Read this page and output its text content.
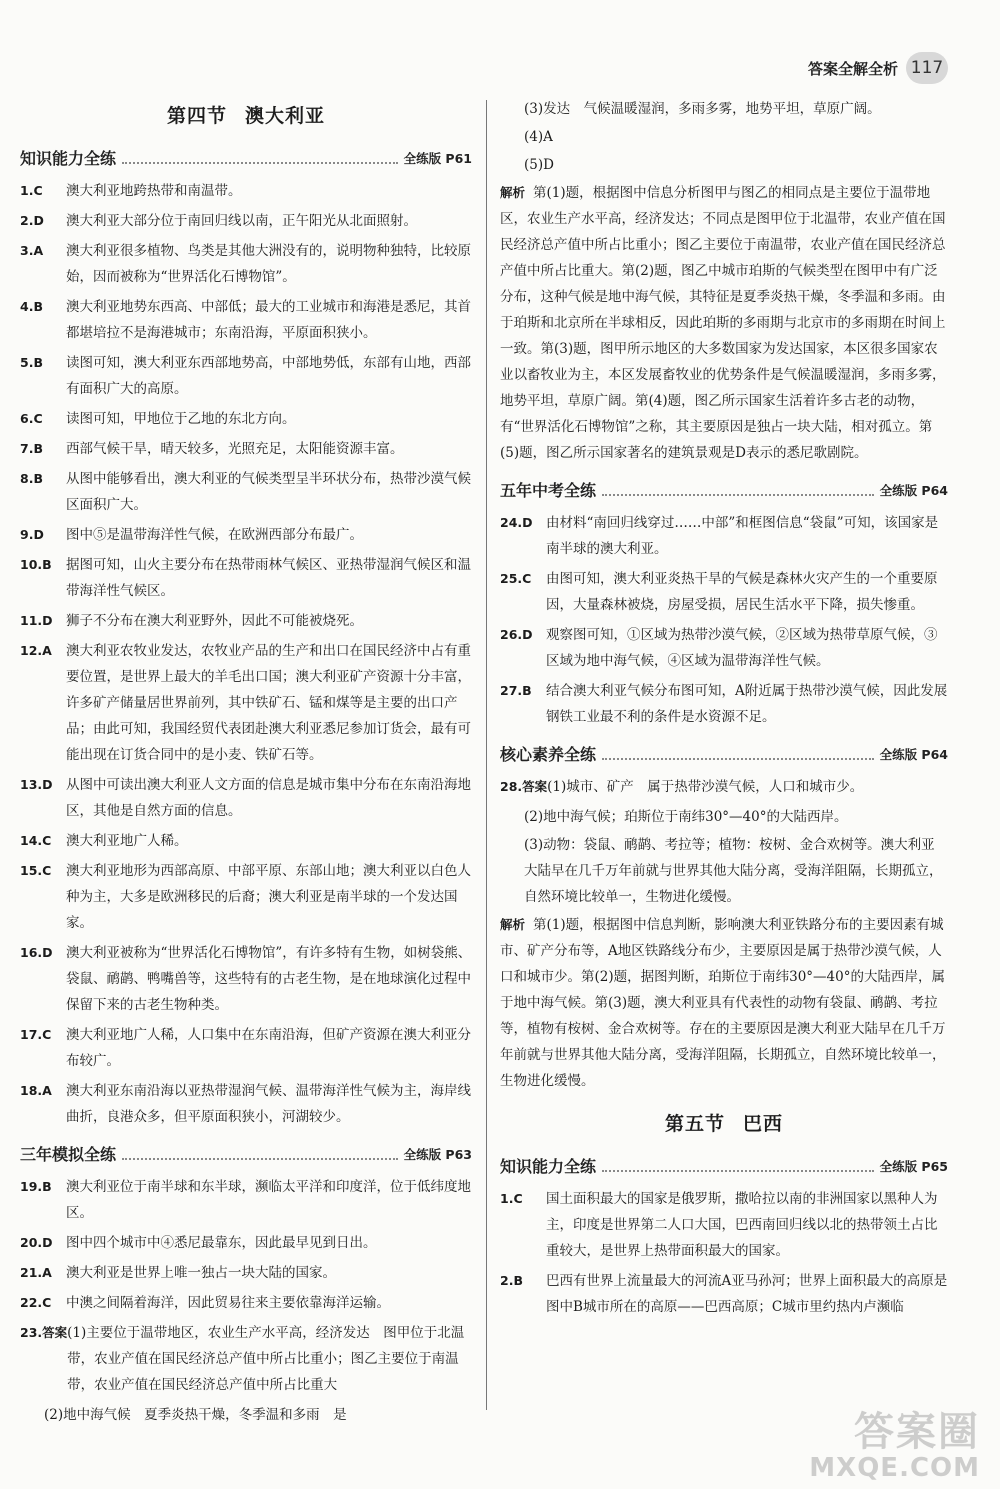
答案全解全析 117
第四节 澳大利亚
知识能力全练	全练版 P61
1.C	澳大利亚地跨热带和南温带。
2.D	澳大利亚大部分位于南回归线以南，正午阳光从北面照射。
3.A	澳大利亚很多植物、鸟类是其他大洲没有的，说明物种独特，比较原始，因而被称为“世界活化石博物馆”。
4.B	澳大利亚地势东西高、中部低；最大的工业城市和海港是悉尼，其首都堪培拉不是海港城市；东南沿海，平原面积狭小。
5.B	读图可知，澳大利亚东西部地势高，中部地势低，东部有山地，西部有面积广大的高原。
6.C	读图可知，甲地位于乙地的东北方向。
7.B	西部气候干旱，晴天较多，光照充足，太阳能资源丰富。
8.B	从图中能够看出，澳大利亚的气候类型呈半环状分布，热带沙漠气候区面积广大。
9.D	图中⑤是温带海洋性气候，在欧洲西部分布最广。
10.B	据图可知，山火主要分布在热带雨林气候区、亚热带湿润气候区和温带海洋性气候区。
11.D 狮子不分布在澳大利亚野外，因此不可能被烧死。
12.A	澳大利亚农牧业发达，农牧业产品的生产和出口在国民经济中占有重要位置，是世界上最大的羊毛出口国；澳大利亚矿产资源十分丰富，许多矿产储量居世界前列，其中铁矿石、锰和煤等是主要的出口产品；由此可知，我国经贸代表团赴澳大利亚悉尼参加订货会，最有可能出现在订货合同中的是小麦、铁矿石等。
13.D 从图中可读出澳大利亚人文方面的信息是城市集中分布在东南沿海地区，其他是自然方面的信息。
14.C	澳大利亚地广人稀。
15.C	澳大利亚地形为西部高原、中部平原、东部山地；澳大利亚以白色人种为主，大多是欧洲移民的后裔；澳大利亚是南半球的一个发达国家。
16.D 澳大利亚被称为“世界活化石博物馆”，有许多特有生物，如树袋熊、袋鼠、鸸鹋、鸭嘴兽等，这些特有的古老生物，是在地球演化过程中保留下来的古老生物种类。
17.C	澳大利亚地广人稀，人口集中在东南沿海，但矿产资源在澳大利亚分布较广。
18.A	澳大利亚东南沿海以亚热带湿润气候、温带海洋性气候为主，海岸线曲折，良港众多，但平原面积狭小，河湖较少。
三年模拟全练	全练版 P63
19.B	澳大利亚位于南半球和东半球，濒临太平洋和印度洋，位于低纬度地区。
20.D 图中四个城市中④悉尼最靠东，因此最早见到日出。
21.A	澳大利亚是世界上唯一独占一块大陆的国家。
22.C	中澳之间隔着海洋，因此贸易往来主要依靠海洋运输。
23.答案 (1)主要位于温带地区，农业生产水平高，经济发达　图甲位于北温带，农业产值在国民经济总产值中所占比重小；图乙主要位于南温带，农业产值在国民经济总产值中所占比重大
(2)地中海气候　夏季炎热干燥，冬季温和多雨　是
(3)发达　气候温暖湿润，多雨多雾，地势平坦，草原广阔。
(4)A
(5)D
解析 第(1)题，根据图中信息分析图甲与图乙的相同点是主要位于温带地区，农业生产水平高，经济发达；不同点是图甲位于北温带，农业产值在国民经济总产值中所占比重小；图乙主要位于南温带，农业产值在国民经济总产值中所占比重大。第(2)题，图乙中城市珀斯的气候类型在图甲中有广泛分布，这种气候是地中海气候，其特征是夏季炎热干燥，冬季温和多雨。由于珀斯和北京所在半球相反，因此珀斯的多雨期与北京市的多雨期在时间上一致。第(3)题，图甲所示地区的大多数国家为发达国家，本区很多国家农业以畜牧业为主，本区发展畜牧业的优势条件是气候温暖湿润，多雨多雾，地势平坦，草原广阔。第(4)题，图乙所示国家生活着许多古老的动物，有“世界活化石博物馆”之称，其主要原因是独占一块大陆，相对孤立。第(5)题，图乙所示国家著名的建筑景观是D表示的悉尼歌剧院。
五年中考全练	全练版 P64
24.D 由材料“南回归线穿过……中部”和框图信息“袋鼠”可知，该国家是南半球的澳大利亚。
25.C	由图可知，澳大利亚炎热干旱的气候是森林火灾产生的一个重要原因，大量森林被烧，房屋受损，居民生活水平下降，损失惨重。
26.D 观察图可知，①区域为热带沙漠气候，②区域为热带草原气候，③区域为地中海气候，④区域为温带海洋性气候。
27.B	结合澳大利亚气候分布图可知，A附近属于热带沙漠气候，因此发展钢铁工业最不利的条件是水资源不足。
核心素养全练	全练版 P64
28.答案 (1)城市、矿产　属于热带沙漠气候，人口和城市少。
(2)地中海气候；珀斯位于南纬30°—40°的大陆西岸。
(3)动物：袋鼠、鸸鹋、考拉等；植物：桉树、金合欢树等。澳大利亚大陆早在几千万年前就与世界其他大陆分离，受海洋阻隔，长期孤立，自然环境比较单一，生物进化缓慢。
解析 第(1)题，根据图中信息判断，影响澳大利亚铁路分布的主要因素有城市、矿产分布等，A地区铁路线分布少，主要原因是属于热带沙漠气候，人口和城市少。第(2)题，据图判断，珀斯位于南纬30°—40°的大陆西岸，属于地中海气候。第(3)题，澳大利亚具有代表性的动物有袋鼠、鸸鹋、考拉等，植物有桉树、金合欢树等。存在的主要原因是澳大利亚大陆早在几千万年前就与世界其他大陆分离，受海洋阻隔，长期孤立，自然环境比较单一，生物进化缓慢。
第五节 巴西
知识能力全练	全练版 P65
1.C	国土面积最大的国家是俄罗斯，撒哈拉以南的非洲国家以黑种人为主，印度是世界第二人口大国，巴西南回归线以北的热带领土占比重较大，是世界上热带面积最大的国家。
2.B	巴西有世界上流量最大的河流A亚马孙河；世界上面积最大的高原是图中B城市所在的高原——巴西高原；C城市里约热内卢濒临
答案圈
MXQE.COM
